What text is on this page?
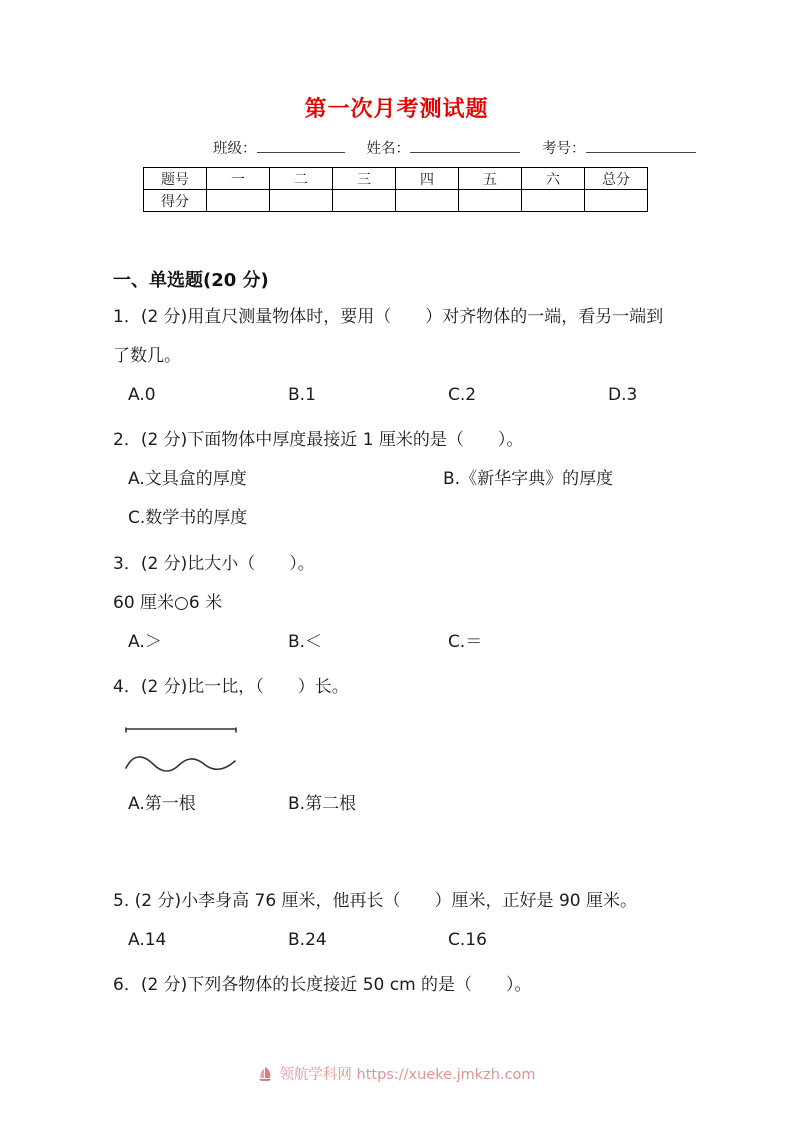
第一次月考测试题
班级：	姓名：	考号：
题号	一	二	三	四	五	六	总分
得分							
一、单选题(20 分)
1．(2 分)用直尺测量物体时，要用（　　）对齐物体的一端，看另一端到了数几。
A.0	B.1	C.2	D.3
2．(2 分)下面物体中厚度最接近 1 厘米的是（　　）。
A.文具盒的厚度	B.《新华字典》的厚度
C.数学书的厚度
3．(2 分)比大小（　　）。
60 厘米○6 米
A.＞	B.＜	C.＝
4．(2 分)比一比，（　　）长。
A.第一根	B.第二根
5. (2 分)小李身高 76 厘米，他再长（　　）厘米，正好是 90 厘米。
A.14	B.24	C.16
6．(2 分)下列各物体的长度接近 50 cm 的是（　　）。
领航学科网 https://xueke.jmkzh.com
